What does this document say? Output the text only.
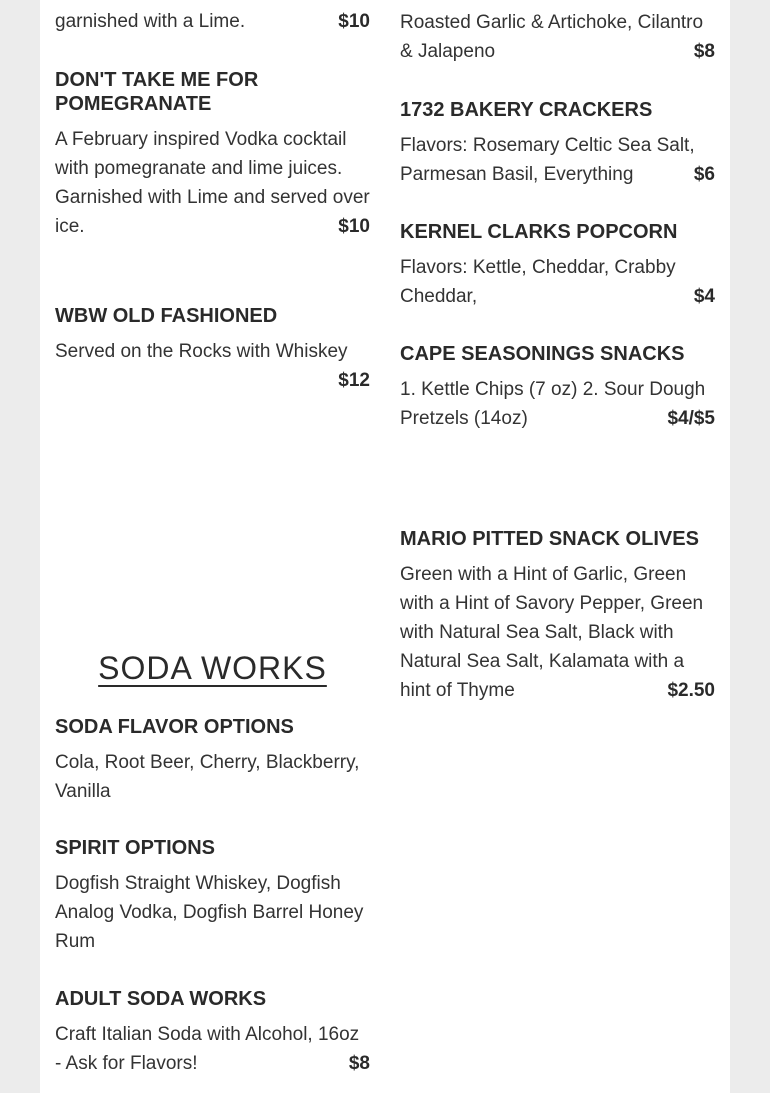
garnished with a Lime.	$10
DON'T TAKE ME FOR POMEGRANATE

A February inspired Vodka cocktail with pomegranate and lime juices. Garnished with Lime and served over ice.	$10
WBW OLD FASHIONED

Served on the Rocks with Whiskey

$12
SODA WORKS
SODA FLAVOR OPTIONS

Cola, Root Beer, Cherry, Blackberry, Vanilla

SPIRIT OPTIONS

Dogfish Straight Whiskey, Dogfish Analog Vodka, Dogfish Barrel Honey Rum

ADULT SODA WORKS

Craft Italian Soda with Alcohol, 16oz - Ask for Flavors!	$8

Roasted Garlic & Artichoke, Cilantro & Jalapeno	$8
1732 BAKERY CRACKERS

Flavors: Rosemary Celtic Sea Salt, Parmesan Basil, Everything	$6
KERNEL CLARKS POPCORN

Flavors: Kettle, Cheddar, Crabby Cheddar,	$4
CAPE SEASONINGS SNACKS

1. Kettle Chips (7 oz) 2. Sour Dough Pretzels (14oz)	$4/$5
MARIO PITTED SNACK OLIVES

Green with a Hint of Garlic, Green with a Hint of Savory Pepper, Green with Natural Sea Salt, Black with Natural Sea Salt, Kalamata with a hint of Thyme	$2.50
